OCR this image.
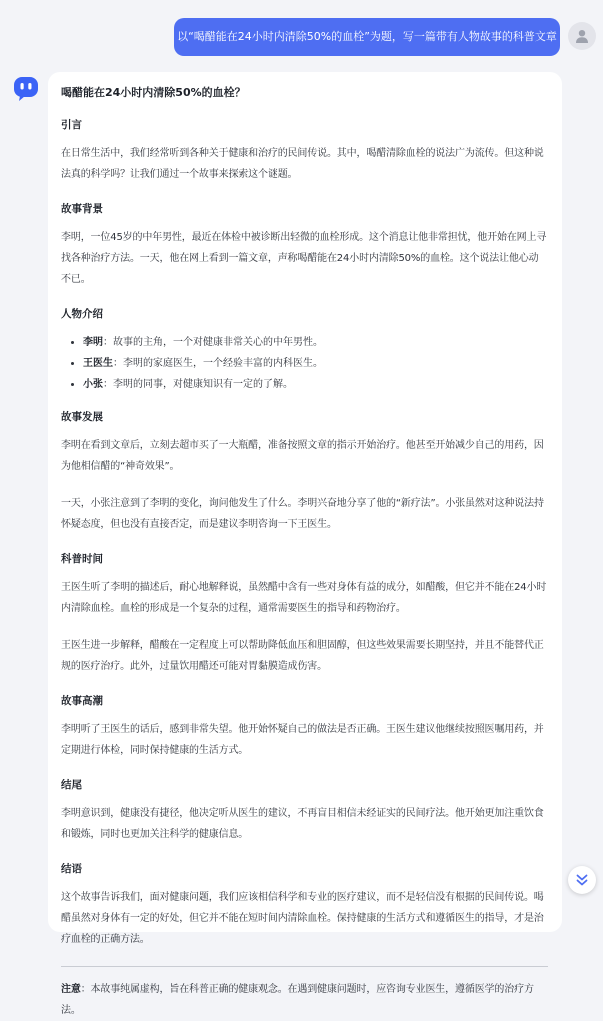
以“喝醋能在24小时内清除50%的血栓”为题，写一篇带有人物故事的科普文章
喝醋能在24小时内清除50%的血栓？
引言

在日常生活中，我们经常听到各种关于健康和治疗的民间传说。其中，喝醋清除血栓的说法广为流传。但这种说法真的科学吗？让我们通过一个故事来探索这个谜题。

故事背景

李明，一位45岁的中年男性，最近在体检中被诊断出轻微的血栓形成。这个消息让他非常担忧，他开始在网上寻找各种治疗方法。一天，他在网上看到一篇文章，声称喝醋能在24小时内清除50%的血栓。这个说法让他心动不已。

人物介绍
• 李明：故事的主角，一个对健康非常关心的中年男性。
• 王医生：李明的家庭医生，一个经验丰富的内科医生。
• 小张：李明的同事，对健康知识有一定的了解。
故事发展

李明在看到文章后，立刻去超市买了一大瓶醋，准备按照文章的指示开始治疗。他甚至开始减少自己的用药，因为他相信醋的“神奇效果”。

一天，小张注意到了李明的变化，询问他发生了什么。李明兴奋地分享了他的“新疗法”。小张虽然对这种说法持怀疑态度，但也没有直接否定，而是建议李明咨询一下王医生。

科普时间

王医生听了李明的描述后，耐心地解释说，虽然醋中含有一些对身体有益的成分，如醋酸，但它并不能在24小时内清除血栓。血栓的形成是一个复杂的过程，通常需要医生的指导和药物治疗。

王医生进一步解释，醋酸在一定程度上可以帮助降低血压和胆固醇，但这些效果需要长期坚持，并且不能替代正规的医疗治疗。此外，过量饮用醋还可能对胃黏膜造成伤害。

故事高潮

李明听了王医生的话后，感到非常失望。他开始怀疑自己的做法是否正确。王医生建议他继续按照医嘱用药，并定期进行体检，同时保持健康的生活方式。

结尾

李明意识到，健康没有捷径，他决定听从医生的建议，不再盲目相信未经证实的民间疗法。他开始更加注重饮食和锻炼，同时也更加关注科学的健康信息。

结语

这个故事告诉我们，面对健康问题，我们应该相信科学和专业的医疗建议，而不是轻信没有根据的民间传说。喝醋虽然对身体有一定的好处，但它并不能在短时间内清除血栓。保持健康的生活方式和遵循医生的指导，才是治疗血栓的正确方法。

注意：本故事纯属虚构，旨在科普正确的健康观念。在遇到健康问题时，应咨询专业医生，遵循医学的治疗方法。
